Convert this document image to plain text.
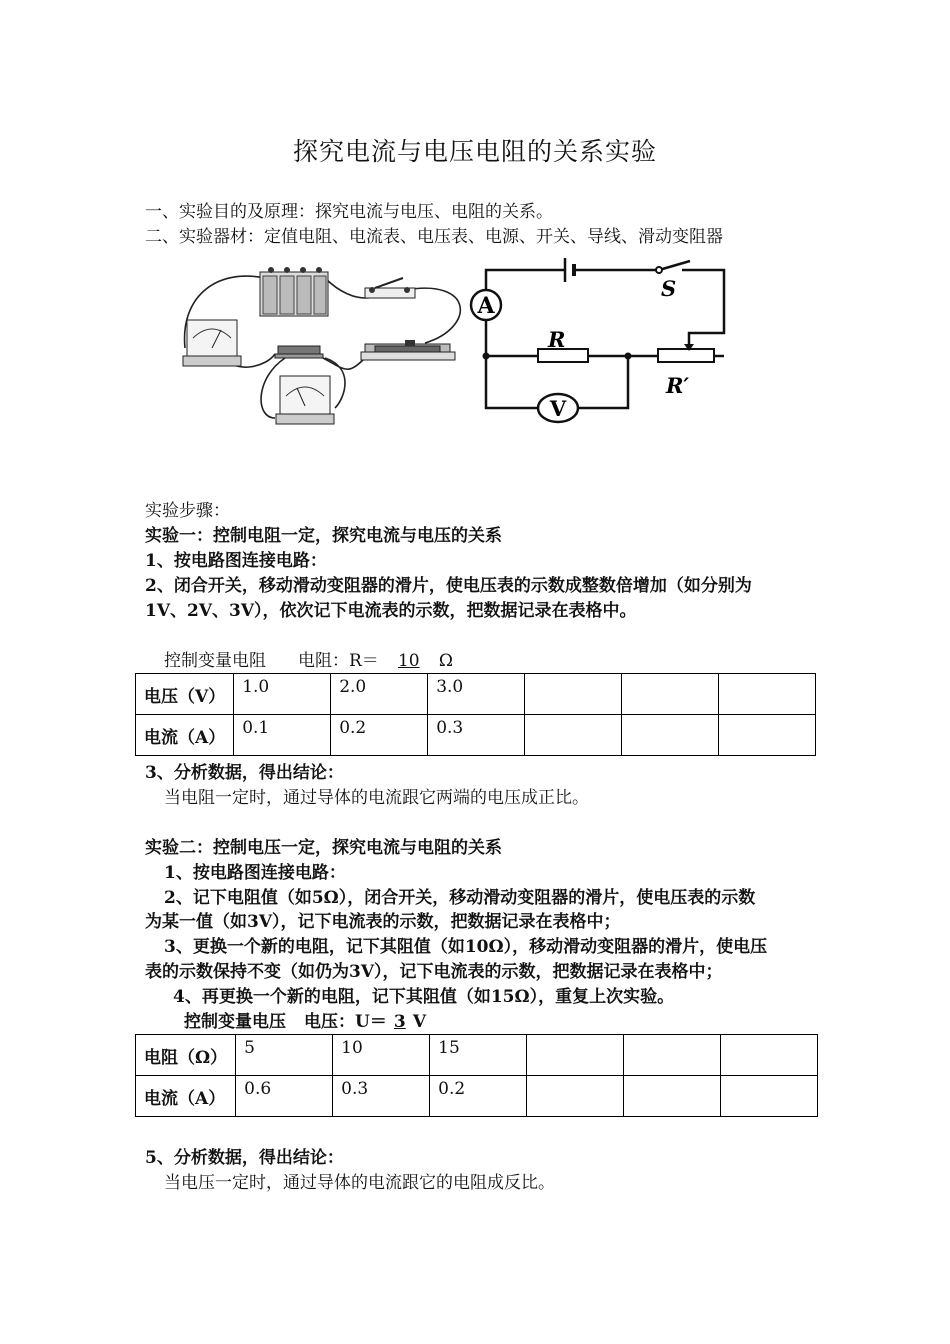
探究电流与电压电阻的关系实验
一、实验目的及原理：探究电流与电压、电阻的关系。
二、实验器材：定值电阻、电流表、电压表、电源、开关、导线、滑动变阻器
A
V
S
R
R′
实验步骤：
实验一：控制电阻一定，探究电流与电压的关系
1、按电路图连接电路：
2、闭合开关，移动滑动变阻器的滑片，使电压表的示数成整数倍增加（如分别为
1V、2V、3V），依次记下电流表的示数，把数据记录在表格中。
控制变量电阻 电阻：R＝ 10 Ω
电压（V）	1.0	2.0	3.0			
电流（A）	0.1	0.2	0.3			
3、分析数据，得出结论：
当电阻一定时，通过导体的电流跟它两端的电压成正比。
实验二：控制电压一定，探究电流与电阻的关系
1、按电路图连接电路：
2、记下电阻值（如5Ω），闭合开关，移动滑动变阻器的滑片，使电压表的示数
为某一值（如3V），记下电流表的示数，把数据记录在表格中；
3、更换一个新的电阻，记下其阻值（如10Ω），移动滑动变阻器的滑片，使电压
表的示数保持不变（如仍为3V），记下电流表的示数，把数据记录在表格中；
4、再更换一个新的电阻，记下其阻值（如15Ω），重复上次实验。
控制变量电压 电压：U＝ 3 V
电阻（Ω）	5	10	15			
电流（A）	0.6	0.3	0.2			
5、分析数据，得出结论：
当电压一定时，通过导体的电流跟它的电阻成反比。
